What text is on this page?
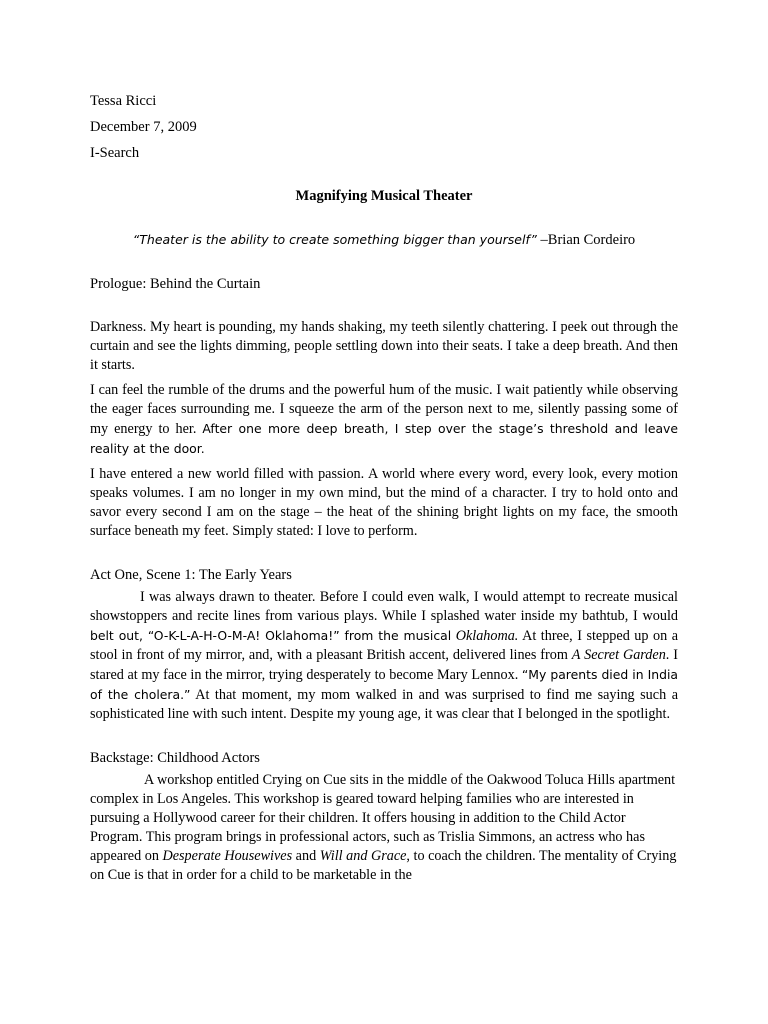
Tessa Ricci
December 7, 2009
I-Search
Magnifying Musical Theater
“Theater is the ability to create something bigger than yourself” –Brian Cordeiro
Prologue: Behind the Curtain

Darkness. My heart is pounding, my hands shaking, my teeth silently chattering. I peek out through the curtain and see the lights dimming, people settling down into their seats. I take a deep breath. And then it starts.

I can feel the rumble of the drums and the powerful hum of the music. I wait patiently while observing the eager faces surrounding me. I squeeze the arm of the person next to me, silently passing some of my energy to her. After one more deep breath, I step over the stage’s threshold and leave reality at the door.

I have entered a new world filled with passion. A world where every word, every look, every motion speaks volumes. I am no longer in my own mind, but the mind of a character. I try to hold onto and savor every second I am on the stage – the heat of the shining bright lights on my face, the smooth surface beneath my feet. Simply stated: I love to perform.

Act One, Scene 1: The Early Years

I was always drawn to theater. Before I could even walk, I would attempt to recreate musical showstoppers and recite lines from various plays. While I splashed water inside my bathtub, I would belt out, “O-K-L-A-H-O-M-A! Oklahoma!” from the musical Oklahoma. At three, I stepped up on a stool in front of my mirror, and, with a pleasant British accent, delivered lines from A Secret Garden. I stared at my face in the mirror, trying desperately to become Mary Lennox. “My parents died in India of the cholera.” At that moment, my mom walked in and was surprised to find me saying such a sophisticated line with such intent. Despite my young age, it was clear that I belonged in the spotlight.

Backstage: Childhood Actors

A workshop entitled Crying on Cue sits in the middle of the Oakwood Toluca Hills apartment complex in Los Angeles. This workshop is geared toward helping families who are interested in pursuing a Hollywood career for their children. It offers housing in addition to the Child Actor Program. This program brings in professional actors, such as Trislia Simmons, an actress who has appeared on Desperate Housewives and Will and Grace, to coach the children. The mentality of Crying on Cue is that in order for a child to be marketable in the
